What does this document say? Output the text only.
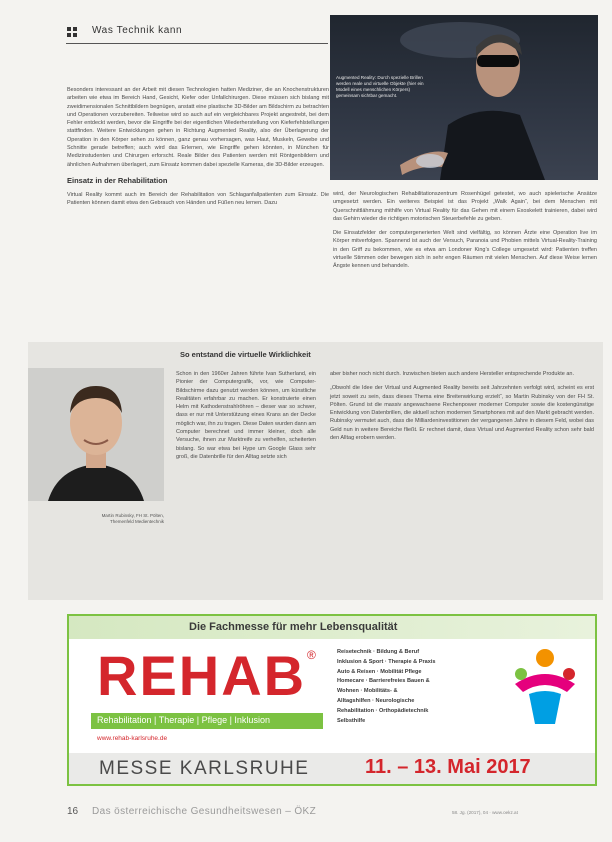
Was Technik kann
Augmented Reality: Durch spezielle Brillen werden reale und virtuelle Objekte (hier ein Modell eines menschlichen Körpers) gemeinsam sichtbar gemacht.

Besonders interessant an der Arbeit mit diesen Technologien hatten Mediziner, die an Knochenstrukturen arbeiten wie etwa im Bereich Hand, Gesicht, Kiefer oder Unfallchirurgen. Diese müssen sich bislang mit zweidimensionalen Schnittbildern begnügen, anstatt eine plastische 3D-Bilder am Bildschirm zu betrachten und Operationen vorzubereiten. Teilweise wird so auch auf ein vergleichbares Projekt angestrebt, bei dem Fehler entdeckt werden, bevor die Eingriffe bei der eigentlichen Wiederherstellung von Kieferfehlstellungen stattfinden. Weitere Entwicklungen gehen in Richtung Augmented Reality, also der Überlagerung der Operation in den Körper sehen zu können, ganz genau vorhersagen, was Haut, Muskeln, Gewebe und Schnitte gerade betreffen; auch wird das Erlernen, wie Eingriffe gehen könnten, in München für Medizinstudenten und Chirurgen erforscht. Reale Bilder des Patienten werden mit Röntgenbildern und ähnlichen Aufnahmen überlagert, zum Einsatz kommen dabei spezielle Kameras, die 3D-Bilder erzeugen.

Einsatz in der Rehabilitation

Virtual Reality kommt auch im Bereich der Rehabilitation von Schlaganfallpatienten zum Einsatz. Die Patienten können damit etwa den Gebrauch von Händen und Füßen neu lernen. Dazu

wird, der Neurologischen Rehabilitationszentrum Rosenhügel getestet, wo auch spielerische Ansätze umgesetzt werden. Ein weiteres Beispiel ist das Projekt „Walk Again“, bei dem Menschen mit Querschnittlähmung mithilfe von Virtual Reality für das Gehen mit einem Exoskelett trainieren, dabei wird das Gehirn wieder die richtigen motorischen Steuerbefehle zu geben.

Die Einsatzfelder der computergenerierten Welt sind vielfältig, so können Ärzte eine Operation live im Körper mitverfolgen. Spannend ist auch der Versuch, Paranoia und Phobien mittels Virtual-Reality-Training in den Griff zu bekommen, wie es etwa am Londoner King’s College umgesetzt wird: Patienten treffen virtuelle Stimmen oder bewegen sich in sehr engen Räumen mit vielen Menschen. Auf diese Weise lernen Ängste kennen und behandeln.

So entstand die virtuelle Wirklichkeit
Martin Rubinsky, FH St. Pölten, Themenfeld Medientechnik

Schon in den 1960er Jahren führte Ivan Sutherland, ein Pionier der Computergrafik, vor, wie Computer-Bildschirme dazu genutzt werden können, um künstliche Realitäten erfahrbar zu machen. Er konstruierte einen Helm mit Kathodenstrahlröhren – dieser war so schwer, dass er nur mit Unterstützung eines Krans an der Decke möglich war, ihn zu tragen. Diese Daten wurden dann am Computer berechnet und immer kleiner, doch alle Versuche, ihnen zur Marktreife zu verhelfen, scheiterten bislang. So war etwa bei Hype um Google Glass sehr groß, die Datenbrille für den Alltag setzte sich

aber bisher noch nicht durch. Inzwischen bieten auch andere Hersteller entsprechende Produkte an.

„Obwohl die Idee der Virtual und Augmented Reality bereits seit Jahrzehnten verfolgt wird, scheint es erst jetzt soweit zu sein, dass dieses Thema eine Breitenwirkung erzielt“, so Martin Rubinsky von der FH St. Pölten. Grund ist die massiv angewachsene Rechenpower moderner Computer sowie die kostengünstige Entwicklung von Datenbrillen, die aktuell schon modernen Smartphones mit auf den Markt gebracht werden. Rubinsky vermutet auch, dass die Milliardeninvestitionen der vergangenen Jahre in diesem Feld, wobei das Geld nun in weitere Bereiche fließt. Er rechnet damit, dass Virtual und Augmented Reality schon sehr bald den Alltag erobern werden.

Die Fachmesse für mehr Lebensqualität
REHAB ®
Rehabilitation | Therapie | Pflege | Inklusion
www.rehab-karlsruhe.de
Reisetechnik · Bildung & Beruf
Inklusion & Sport · Therapie & Praxis
Auto & Reisen · Mobilität Pflege
Homecare · Barrierefreies Bauen &
Wohnen · Mobilitäts- &
Alltagshilfen · Neurologische
Rehabilitation · Orthopädietechnik
Selbsthilfe
MESSE KARLSRUHE	11. – 13. Mai 2017
16 Das österreichische Gesundheitswesen – ÖKZ	58. Jg. (2017), 04 · www.oekz.at
